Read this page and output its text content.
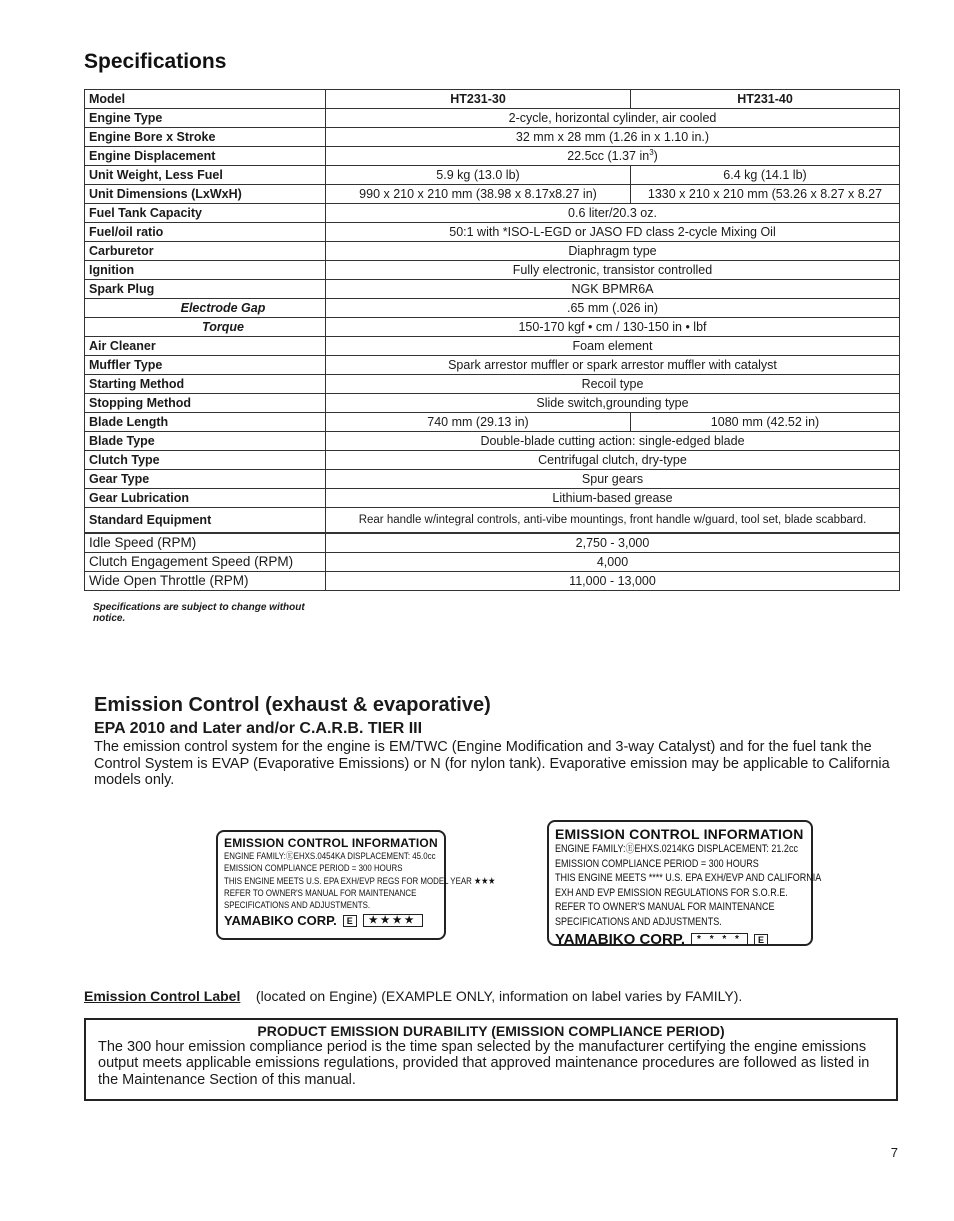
Specifications
Model	HT231-30	HT231-40
Engine Type	2-cycle, horizontal cylinder, air cooled	
Engine Bore x Stroke	32 mm x 28 mm (1.26 in x 1.10 in.)	
Engine Displacement	22.5cc (1.37 $in^3$)	
Unit Weight, Less Fuel	5.9 kg (13.0 lb)	6.4 kg (14.1 lb)
Unit Dimensions (LxWxH)	990 x 210 x 210 mm (38.98 x 8.17x8.27 in)	1330 x 210 x 210 mm (53.26 x 8.27 x 8.27
Fuel Tank Capacity	0.6 liter/20.3 oz.	
Fuel/oil ratio	50:1 with *ISO-L-EGD or JASO FD class 2-cycle Mixing Oil	
Carburetor	Diaphragm type	
Ignition	Fully electronic, transistor controlled	
Spark Plug	NGK BPMR6A	
Electrode Gap	.65 mm (.026 in)	
Torque	150-170 kgf • cm / 130-150 in • lbf	
Air Cleaner	Foam element	
Muffler Type	Spark arrestor muffler or spark arrestor muffler with catalyst	
Starting Method	Recoil type	
Stopping Method	Slide switch,grounding type	
Blade Length	740 mm (29.13 in)	1080 mm (42.52 in)
Blade Type	Double-blade cutting action: single-edged blade	
Clutch Type	Centrifugal clutch, dry-type	
Gear Type	Spur gears	
Gear Lubrication	Lithium-based grease	
Standard Equipment	Rear handle w/integral controls, anti-vibe mountings, front handle w/guard, tool set, blade scabbard.	
Idle Speed (RPM)	2,750 - 3,000	
Clutch Engagement Speed (RPM)	4,000	
Wide Open Throttle (RPM)	11,000 - 13,000	
Specifications are subject to change without notice.
Emission Control (exhaust & evaporative)
EPA 2010 and Later and/or C.A.R.B. TIER III
The emission control system for the engine is EM/TWC (Engine Modification and 3-way Catalyst) and for the fuel tank the Control System is EVAP (Evaporative Emissions) or N (for nylon tank). Evaporative emission may be applicable to California models only.
EMISSION CONTROL INFORMATION
ENGINE FAMILY:ⒺEHXS.0454KA DISPLACEMENT: 45.0cc
EMISSION COMPLIANCE PERIOD = 300 HOURS
THIS ENGINE MEETS U.S. EPA EXH/EVP REGS FOR MODEL YEAR ★★★
REFER TO OWNER'S MANUAL FOR MAINTENANCE
SPECIFICATIONS AND ADJUSTMENTS.
YAMABIKO CORP.	E	★★★★
EMISSION CONTROL INFORMATION
ENGINE FAMILY:ⒺEHXS.0214KG DISPLACEMENT: 21.2cc
EMISSION COMPLIANCE PERIOD = 300 HOURS
THIS ENGINE MEETS **** U.S. EPA EXH/EVP AND CALIFORNIA
EXH AND EVP EMISSION REGULATIONS FOR S.O.R.E.
REFER TO OWNER'S MANUAL FOR MAINTENANCE
SPECIFICATIONS AND ADJUSTMENTS.
YAMABIKO CORP.	* * * *	E
Emission Control Label (located on Engine) (EXAMPLE ONLY, information on label varies by FAMILY).
PRODUCT EMISSION DURABILITY (EMISSION COMPLIANCE PERIOD)
The 300 hour emission compliance period is the time span selected by the manufacturer certifying the engine emissions output meets applicable emissions regulations, provided that approved maintenance procedures are followed as listed in the Maintenance Section of this manual.
7
